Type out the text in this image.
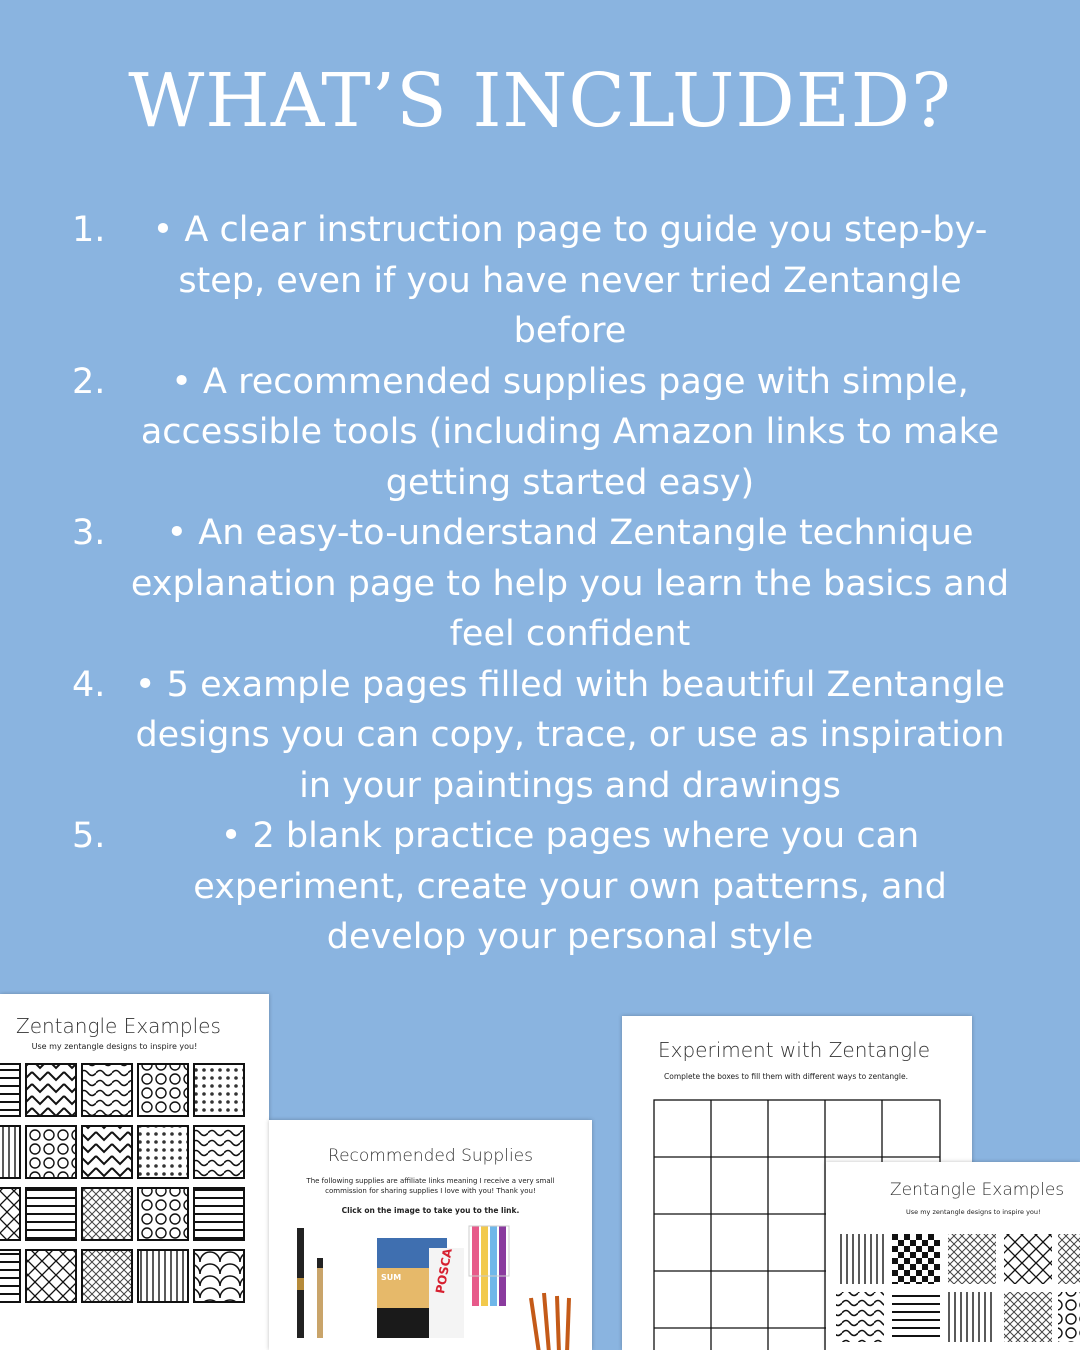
WHAT’S INCLUDED?
1. • A clear instruction page to guide you step-by-step, even if you have never tried Zentangle before
2. • A recommended supplies page with simple, accessible tools (including Amazon links to make getting started easy)
3. • An easy-to-understand Zentangle technique explanation page to help you learn the basics and feel confident
4. • 5 example pages filled with beautiful Zentangle designs you can copy, trace, or use as inspiration in your paintings and drawings
5.	• 2 blank practice pages where you can experiment, create your own patterns, and develop your personal style
Zentangle Examples
Use my zentangle designs to inspire you!
Recommended Supplies
The following supplies are affiliate links meaning I receive a very small commission for sharing supplies I love with you! Thank you!
Click on the image to take you to the link.
POSCA
SUM
Experiment with Zentangle
Complete the boxes to fill them with different ways to zentangle.
Zentangle Examples
Use my zentangle designs to inspire you!
